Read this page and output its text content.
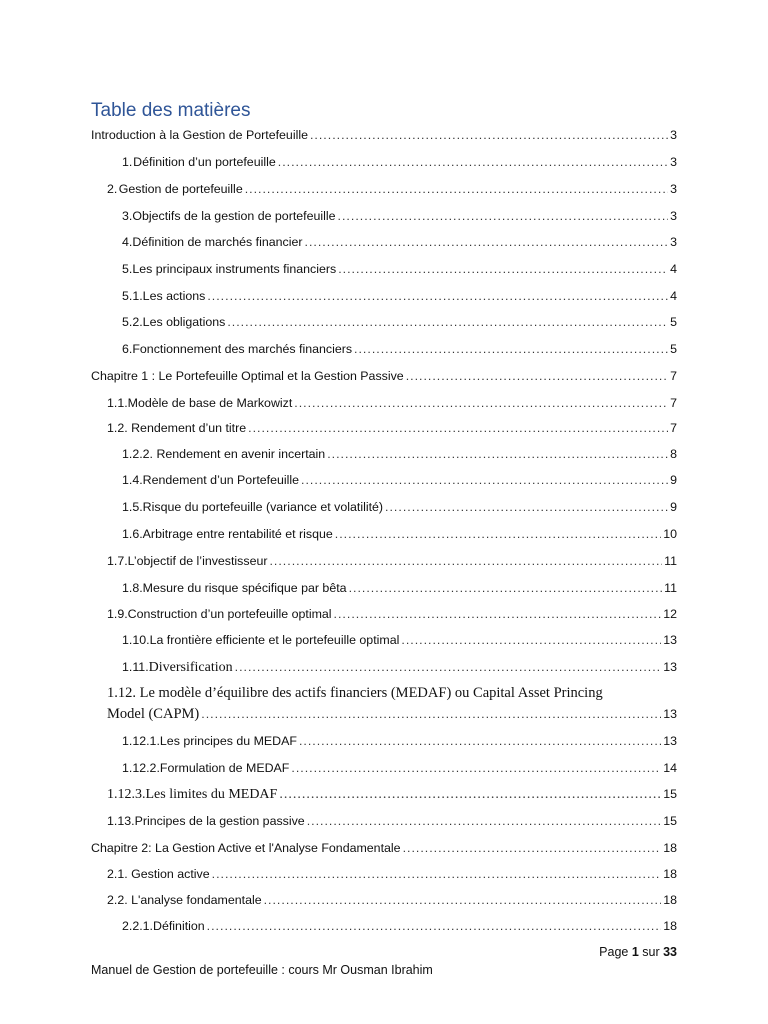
Table des matières
Introduction à la Gestion de Portefeuille .....	3
1. Définition d’un portefeuille .....	3
2. Gestion de portefeuille .....	3
3. Objectifs de la gestion de portefeuille .....	3
4. Définition de marchés financier .....	3
5. Les principaux instruments financiers .....	4
5.1. Les actions .....	4
5.2. Les obligations .....	5
6. Fonctionnement des marchés financiers .....	5
Chapitre 1 : Le Portefeuille Optimal et la Gestion Passive .....	7
1.1. Modèle de base de Markowizt .....	7
1.2. Rendement d’un titre .....	7
1.2.2. Rendement en avenir incertain .....	8
1.4. Rendement d’un Portefeuille .....	9
1.5. Risque du portefeuille (variance et volatilité) .....	9
1.6. Arbitrage entre rentabilité et risque .....	10
1.7. L’objectif de l’investisseur .....	11
1.8. Mesure du risque spécifique par bêta .....	11
1.9. Construction d’un portefeuille optimal .....	12
1.10. La frontière efficiente et le portefeuille optimal .....	13
1.11. Diversification .....	13
1.12. Le modèle d’équilibre des actifs financiers (MEDAF) ou Capital Asset Princing
Model (CAPM) .....	13
1.12.1. Les principes du MEDAF .....	13
1.12.2. Formulation de MEDAF .....	14
1.12.3. Les limites du MEDAF .....	15
1.13. Principes de la gestion passive .....	15
Chapitre 2: La Gestion Active et l'Analyse Fondamentale .....	18
2.1. Gestion active .....	18
2.2. L'analyse fondamentale .....	18
2.2.1. Définition .....	18
Page 1 sur 33
Manuel de Gestion de portefeuille : cours Mr Ousman Ibrahim
